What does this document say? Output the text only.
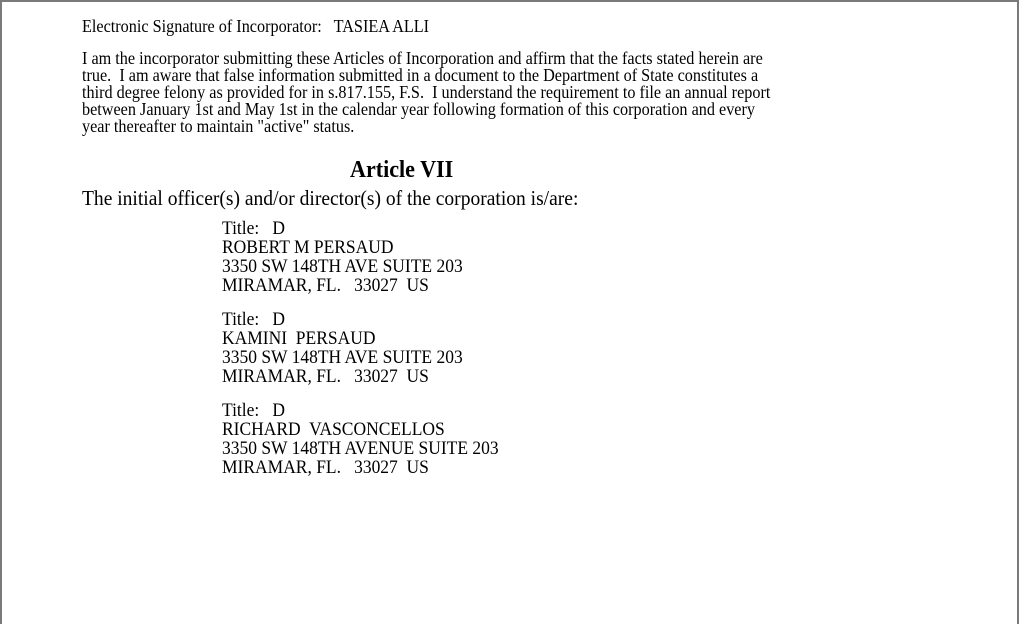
Electronic Signature of Incorporator: TASIEA ALLI
I am the incorporator submitting these Articles of Incorporation and affirm that the facts stated herein are
true.  I am aware that false information submitted in a document to the Department of State constitutes a
third degree felony as provided for in s.817.155, F.S.  I understand the requirement to file an annual report
between January 1st and May 1st in the calendar year following formation of this corporation and every
year thereafter to maintain "active" status.
Article VII
The initial officer(s) and/or director(s) of the corporation is/are:
Title:   D
ROBERT M PERSAUD
3350 SW 148TH AVE SUITE 203
MIRAMAR, FL.   33027  US
Title:   D
KAMINI  PERSAUD
3350 SW 148TH AVE SUITE 203
MIRAMAR, FL.   33027  US
Title:   D
RICHARD  VASCONCELLOS
3350 SW 148TH AVENUE SUITE 203
MIRAMAR, FL.   33027  US
